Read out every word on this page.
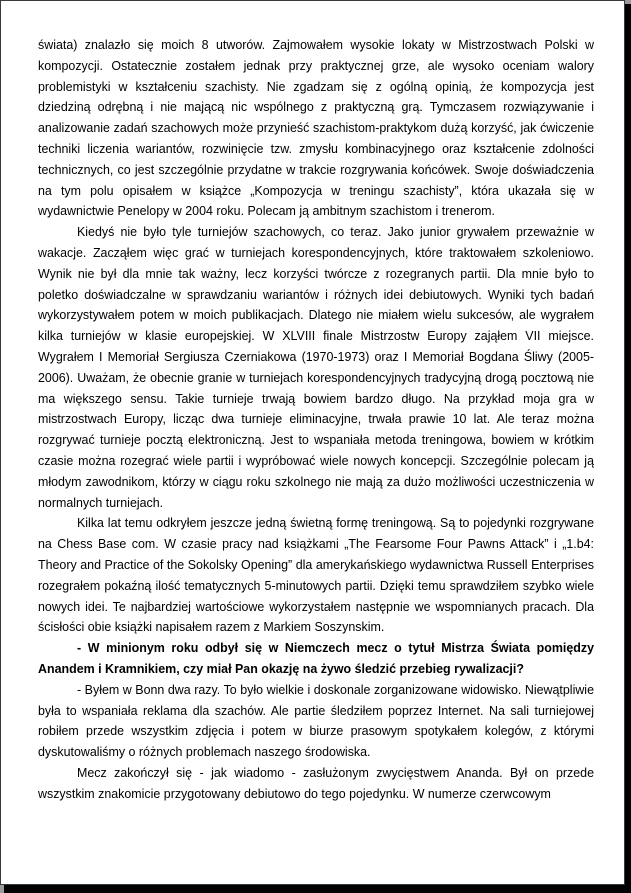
świata) znalazło się moich 8 utworów. Zajmowałem wysokie lokaty w Mistrzostwach Polski w kompozycji. Ostatecznie zostałem jednak przy praktycznej grze, ale wysoko oceniam walory problemistyki w kształceniu szachisty. Nie zgadzam się z ogólną opinią, że kompozycja jest dziedziną odrębną i nie mającą nic wspólnego z praktyczną grą. Tymczasem rozwiązywanie i analizowanie zadań szachowych może przynieść szachistom-praktykom dużą korzyść, jak ćwiczenie techniki liczenia wariantów, rozwinięcie tzw. zmysłu kombinacyjnego oraz kształcenie zdolności technicznych, co jest szczególnie przydatne w trakcie rozgrywania końcówek. Swoje doświadczenia na tym polu opisałem w książce „Kompozycja w treningu szachisty”, która ukazała się w wydawnictwie Penelopy w 2004 roku. Polecam ją ambitnym szachistom i trenerom.

Kiedyś nie było tyle turniejów szachowych, co teraz. Jako junior grywałem przeważnie w wakacje. Zacząłem więc grać w turniejach korespondencyjnych, które traktowałem szkoleniowo. Wynik nie był dla mnie tak ważny, lecz korzyści twórcze z rozegranych partii. Dla mnie było to poletko doświadczalne w sprawdzaniu wariantów i różnych idei debiutowych. Wyniki tych badań wykorzystywałem potem w moich publikacjach. Dlatego nie miałem wielu sukcesów, ale wygrałem kilka turniejów w klasie europejskiej. W XLVIII finale Mistrzostw Europy zająłem VII miejsce. Wygrałem I Memoriał Sergiusza Czerniakowa (1970-1973) oraz I Memoriał Bogdana Śliwy (2005-2006). Uważam, że obecnie granie w turniejach korespondencyjnych tradycyjną drogą pocztową nie ma większego sensu. Takie turnieje trwają bowiem bardzo długo. Na przykład moja gra w mistrzostwach Europy, licząc dwa turnieje eliminacyjne, trwała prawie 10 lat. Ale teraz można rozgrywać turnieje pocztą elektroniczną. Jest to wspaniała metoda treningowa, bowiem w krótkim czasie można rozegrać wiele partii i wypróbować wiele nowych koncepcji. Szczególnie polecam ją młodym zawodnikom, którzy w ciągu roku szkolnego nie mają za dużo możliwości uczestniczenia w normalnych turniejach.

Kilka lat temu odkryłem jeszcze jedną świetną formę treningową. Są to pojedynki rozgrywane na Chess Base com. W czasie pracy nad książkami „The Fearsome Four Pawns Attack” i „1.b4: Theory and Practice of the Sokolsky Opening” dla amerykańskiego wydawnictwa Russell Enterprises rozegrałem pokaźną ilość tematycznych 5-minutowych partii. Dzięki temu sprawdziłem szybko wiele nowych idei. Te najbardziej wartościowe wykorzystałem następnie we wspomnianych pracach. Dla ścisłości obie książki napisałem razem z Markiem Soszynskim.

- W minionym roku odbył się w Niemczech mecz o tytuł Mistrza Świata pomiędzy Anandem i Kramnikiem, czy miał Pan okazję na żywo śledzić przebieg rywalizacji?

- Byłem w Bonn dwa razy. To było wielkie i doskonale zorganizowane widowisko. Niewątpliwie była to wspaniała reklama dla szachów. Ale partie śledziłem poprzez Internet. Na sali turniejowej robiłem przede wszystkim zdjęcia i potem w biurze prasowym spotykałem kolegów, z którymi dyskutowaliśmy o różnych problemach naszego środowiska.

Mecz zakończył się - jak wiadomo - zasłużonym zwycięstwem Ananda. Był on przede wszystkim znakomicie przygotowany debiutowo do tego pojedynku. W numerze czerwcowym
